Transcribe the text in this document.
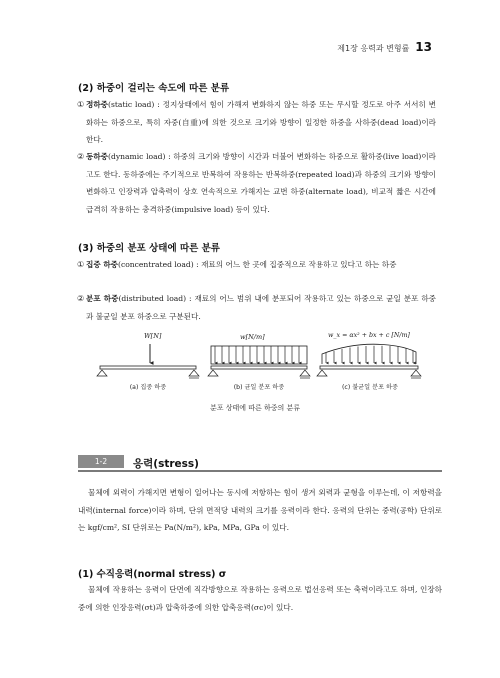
제1장 응력과 변형률 13
(2) 하중이 걸리는 속도에 따른 분류
① 정하중(static load) : 정지상태에서 힘이 가해져 변화하지 않는 하중 또는 무시할 정도로 아주 서서히 변화하는 하중으로, 특히 자중(自重)에 의한 것으로 크기와 방향이 일정한 하중을 사하중(dead load)이라 한다.
② 동하중(dynamic load) : 하중의 크기와 방향이 시간과 더불어 변화하는 하중으로 활하중(live load)이라고도 한다. 동하중에는 주기적으로 반복하여 작용하는 반복하중(repeated load)과 하중의 크기와 방향이 변화하고 인장력과 압축력이 상호 연속적으로 가해지는 교번 하중(alternate load), 비교적 짧은 시간에 급격히 작용하는 충격하중(impulsive load) 등이 있다.
(3) 하중의 분포 상태에 따른 분류
① 집중 하중(concentrated load) : 재료의 어느 한 곳에 집중적으로 작용하고 있다고 하는 하중
② 분포 하중(distributed load) : 재료의 어느 범위 내에 분포되어 작용하고 있는 하중으로 균일 분포 하중과 불균일 분포 하중으로 구분된다.
W[N]	w[N/m]	w_x = αx² + bx + c [N/m]
(a) 집중 하중	(b) 균일 분포 하중	(c) 불균일 분포 하중
분포 상태에 따른 하중의 분류
1-2	응력(stress)
물체에 외력이 가해지면 변형이 일어나는 동시에 저항하는 힘이 생겨 외력과 균형을 이루는데, 이 저항력을 내력(internal force)이라 하며, 단위 면적당 내력의 크기를 응력이라 한다. 응력의 단위는 중력(공학) 단위로는 kgf/cm², SI 단위로는 Pa(N/m²), kPa, MPa, GPa 이 있다.
(1) 수직응력(normal stress) σ
물체에 작용하는 응력이 단면에 직각방향으로 작용하는 응력으로 법선응력 또는 축력이라고도 하며, 인장하중에 의한 인장응력(σt)과 압축하중에 의한 압축응력(σc)이 있다.
